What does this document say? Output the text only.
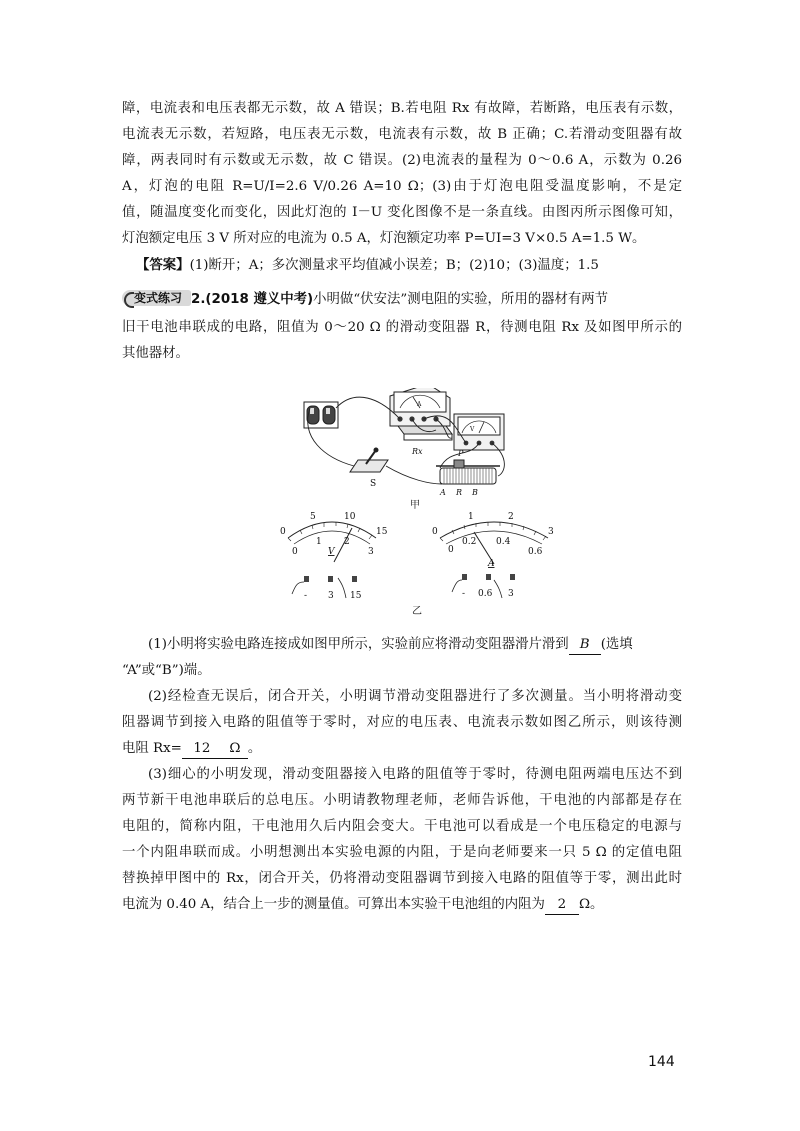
障，电流表和电压表都无示数，故 A 错误；B.若电阻 Rx 有故障，若断路，电压表有示数，
电流表无示数，若短路，电压表无示数，电流表有示数，故 B 正确；C.若滑动变阻器有故
障，两表同时有示数或无示数，故 C 错误。(2)电流表的量程为 0～0.6 A，示数为 0.26
A，灯泡的电阻 R=U/I=2.6 V/0.26 A=10 Ω；(3)由于灯泡电阻受温度影响，不是定
值，随温度变化而变化，因此灯泡的 I－U 变化图像不是一条直线。由图丙所示图像可知，
灯泡额定电压 3 V 所对应的电流为 0.5 A，灯泡额定功率 P=UI=3 V×0.5 A=1.5 W。
【答案】(1)断开；A；多次测量求平均值减小误差；B；(2)10；(3)温度；1.5
变式练习 2.(2018 遵义中考)小明做“伏安法”测电阻的实验，所用的器材有两节
旧干电池串联成的电路，阻值为 0～20 Ω 的滑动变阻器 R，待测电阻 Rx 及如图甲所示的
其他器材。
A
V
Rx
S
P
A R B
甲
0
5	10
15
0
1 2
3
V
- 3 15
0
1	2
3
0
0.2 0.4
0.6
A
- 0.6 3
乙
(1)小明将实验电路连接成如图甲所示，实验前应将滑动变阻器滑片滑到 B (选填
“A”或“B”)端。
(2)经检查无误后，闭合开关，小明调节滑动变阻器进行了多次测量。当小明将滑动变
阻器调节到接入电路的阻值等于零时，对应的电压表、电流表示数如图乙所示，则该待测
电阻 Rx= 12 Ω 。
(3)细心的小明发现，滑动变阻器接入电路的阻值等于零时，待测电阻两端电压达不到
两节新干电池串联后的总电压。小明请教物理老师，老师告诉他，干电池的内部都是存在
电阻的，简称内阻，干电池用久后内阻会变大。干电池可以看成是一个电压稳定的电源与
一个内阻串联而成。小明想测出本实验电源的内阻，于是向老师要来一只 5 Ω 的定值电阻
替换掉甲图中的 Rx，闭合开关，仍将滑动变阻器调节到接入电路的阻值等于零，测出此时
电流为 0.40 A，结合上一步的测量值。可算出本实验干电池组的内阻为 2 Ω。
144
